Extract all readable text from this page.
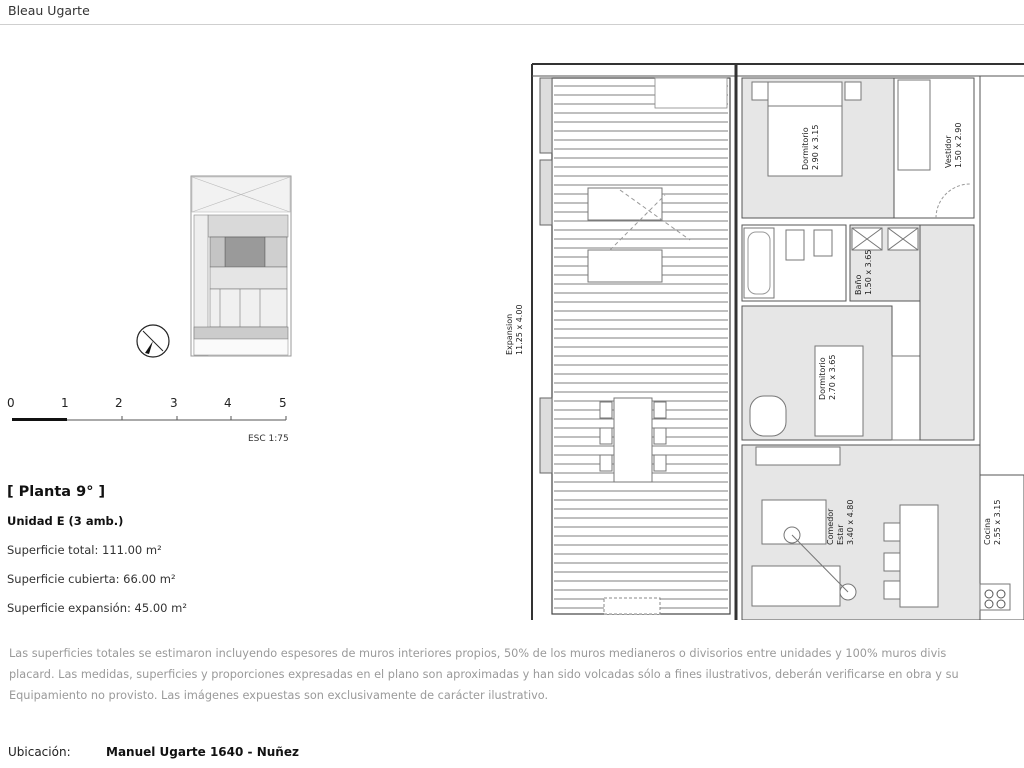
Bleau Ugarte
0	1	2	3	4	5
ESC 1:75
[ Planta 9° ]
Unidad E (3 amb.)
Superficie total: 111.00 m²
Superficie cubierta: 66.00 m²
Superficie expansión: 45.00 m²
Dormitorio 2.90 x 3.15	Vestidor 1.50 x 2.90
Baño 1.50 x 3.65
Dormitorio 2.70 x 3.65
Expansion 11.25 x 4.00
Comedor Estar 3.40 x 4.80	Cocina 2.55 x 3.15
Las superficies totales se estimaron incluyendo espesores de muros interiores propios, 50% de los muros medianeros o divisorios entre unidades y 100% muros divis
placard. Las medidas, superficies y proporciones expresadas en el plano son aproximadas y han sido volcadas sólo a fines ilustrativos, deberán verificarse en obra y su
Equipamiento no provisto. Las imágenes expuestas son exclusivamente de carácter ilustrativo.
Ubicación:	Manuel Ugarte 1640 - Nuñez
